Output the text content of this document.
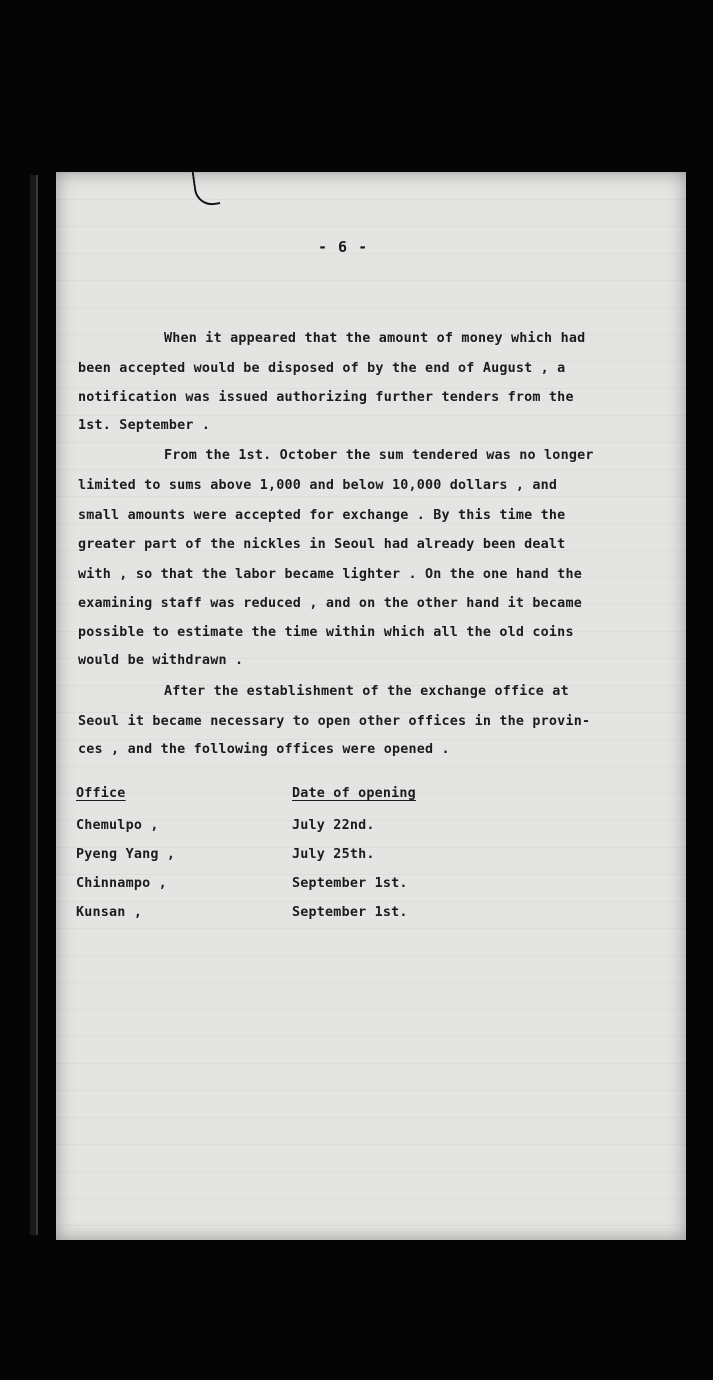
- 6 -
When it appeared that the amount of money which had
been accepted would be disposed of by the end of August , a
notification was issued authorizing further tenders from the
1st. September .
From the 1st. October the sum tendered was no longer
limited to sums above 1,000 and below 10,000 dollars , and
small amounts were accepted for exchange . By this time the
greater part of the nickles in Seoul had already been dealt
with , so that the labor became lighter . On the one hand the
examining staff was reduced , and on the other hand it became
possible to estimate the time within which all the old coins
would be withdrawn .
After the establishment of the exchange office at
Seoul it became necessary to open other offices in the provin-
ces , and the following offices were opened .
Office	Date of opening
Chemulpo ,	July 22nd.
Pyeng Yang ,	July 25th.
Chinnampo ,	September 1st.
Kunsan ,	September 1st.
